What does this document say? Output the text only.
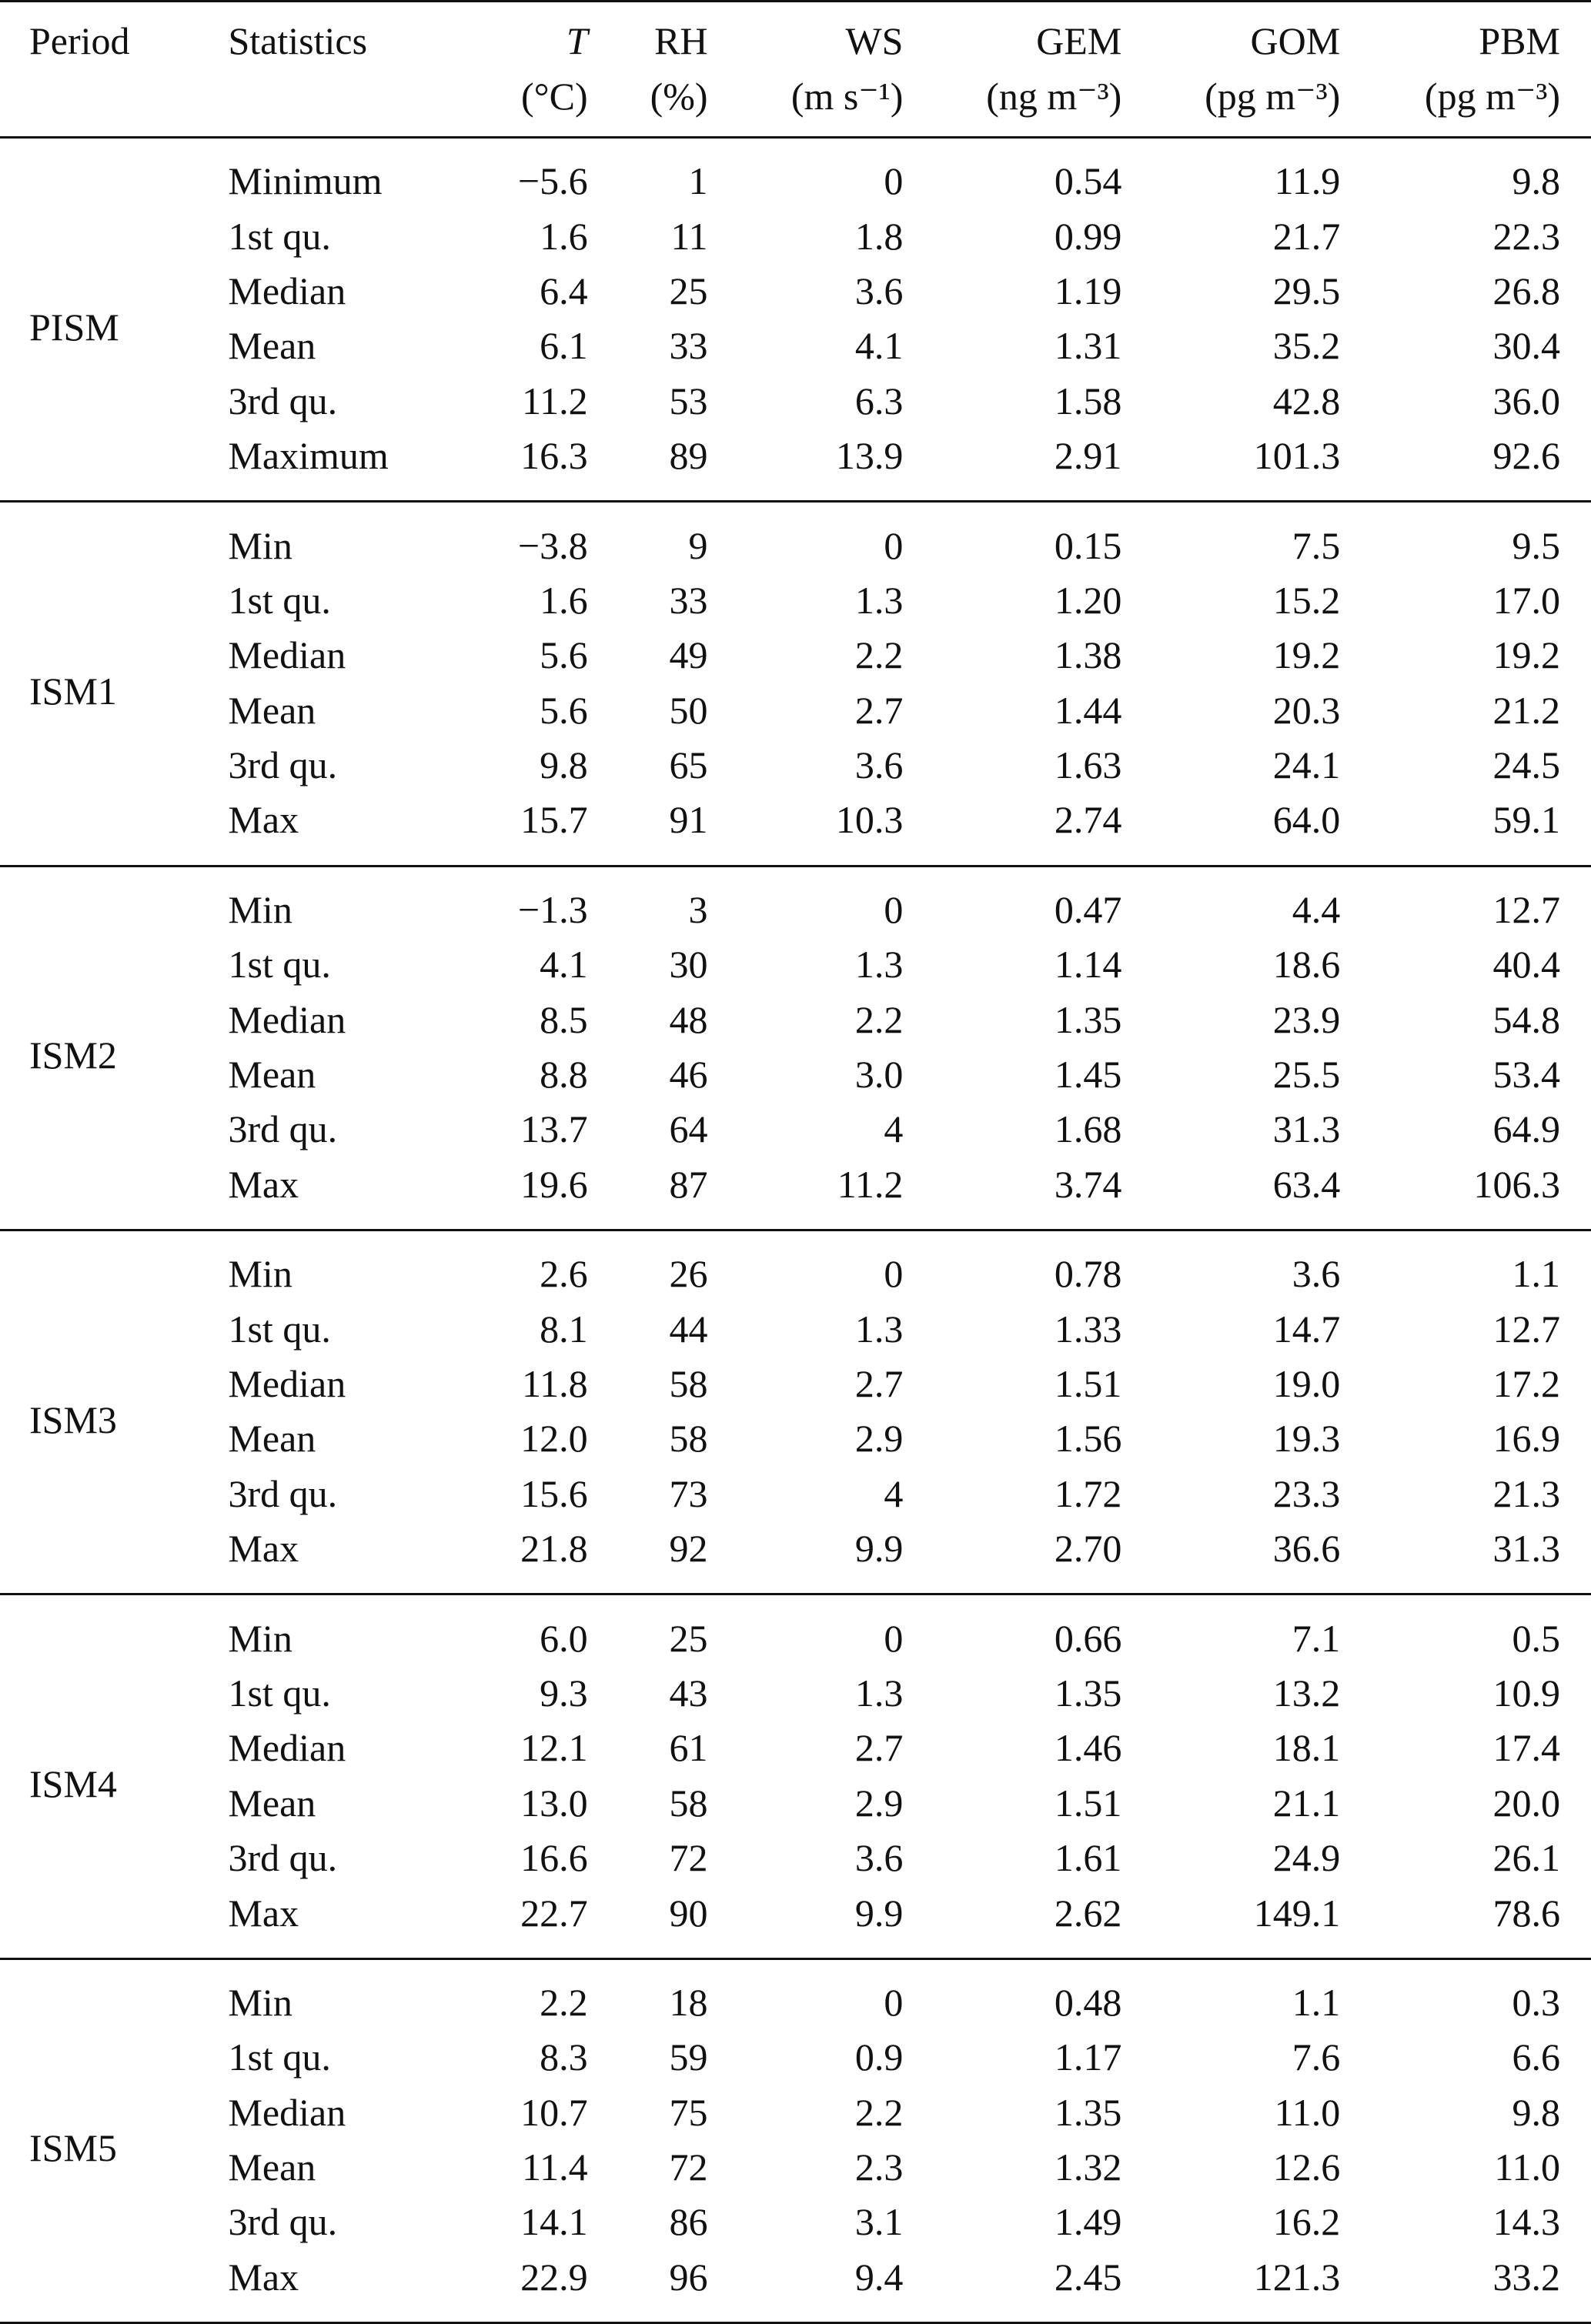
Period	Statistics	T	RH	WS	GEM	GOM	PBM
		(°C)	(%)	(m s⁻¹)	(ng m⁻³)	(pg m⁻³)	(pg m⁻³)
PISM	Minimum	−5.6	1	0	0.54	11.9	9.8
	1st qu.	1.6	11	1.8	0.99	21.7	22.3
	Median	6.4	25	3.6	1.19	29.5	26.8
	Mean	6.1	33	4.1	1.31	35.2	30.4
	3rd qu.	11.2	53	6.3	1.58	42.8	36.0
	Maximum	16.3	89	13.9	2.91	101.3	92.6
ISM1	Min	−3.8	9	0	0.15	7.5	9.5
	1st qu.	1.6	33	1.3	1.20	15.2	17.0
	Median	5.6	49	2.2	1.38	19.2	19.2
	Mean	5.6	50	2.7	1.44	20.3	21.2
	3rd qu.	9.8	65	3.6	1.63	24.1	24.5
	Max	15.7	91	10.3	2.74	64.0	59.1
ISM2	Min	−1.3	3	0	0.47	4.4	12.7
	1st qu.	4.1	30	1.3	1.14	18.6	40.4
	Median	8.5	48	2.2	1.35	23.9	54.8
	Mean	8.8	46	3.0	1.45	25.5	53.4
	3rd qu.	13.7	64	4	1.68	31.3	64.9
	Max	19.6	87	11.2	3.74	63.4	106.3
ISM3	Min	2.6	26	0	0.78	3.6	1.1
	1st qu.	8.1	44	1.3	1.33	14.7	12.7
	Median	11.8	58	2.7	1.51	19.0	17.2
	Mean	12.0	58	2.9	1.56	19.3	16.9
	3rd qu.	15.6	73	4	1.72	23.3	21.3
	Max	21.8	92	9.9	2.70	36.6	31.3
ISM4	Min	6.0	25	0	0.66	7.1	0.5
	1st qu.	9.3	43	1.3	1.35	13.2	10.9
	Median	12.1	61	2.7	1.46	18.1	17.4
	Mean	13.0	58	2.9	1.51	21.1	20.0
	3rd qu.	16.6	72	3.6	1.61	24.9	26.1
	Max	22.7	90	9.9	2.62	149.1	78.6
ISM5	Min	2.2	18	0	0.48	1.1	0.3
	1st qu.	8.3	59	0.9	1.17	7.6	6.6
	Median	10.7	75	2.2	1.35	11.0	9.8
	Mean	11.4	72	2.3	1.32	12.6	11.0
	3rd qu.	14.1	86	3.1	1.49	16.2	14.3
	Max	22.9	96	9.4	2.45	121.3	33.2
